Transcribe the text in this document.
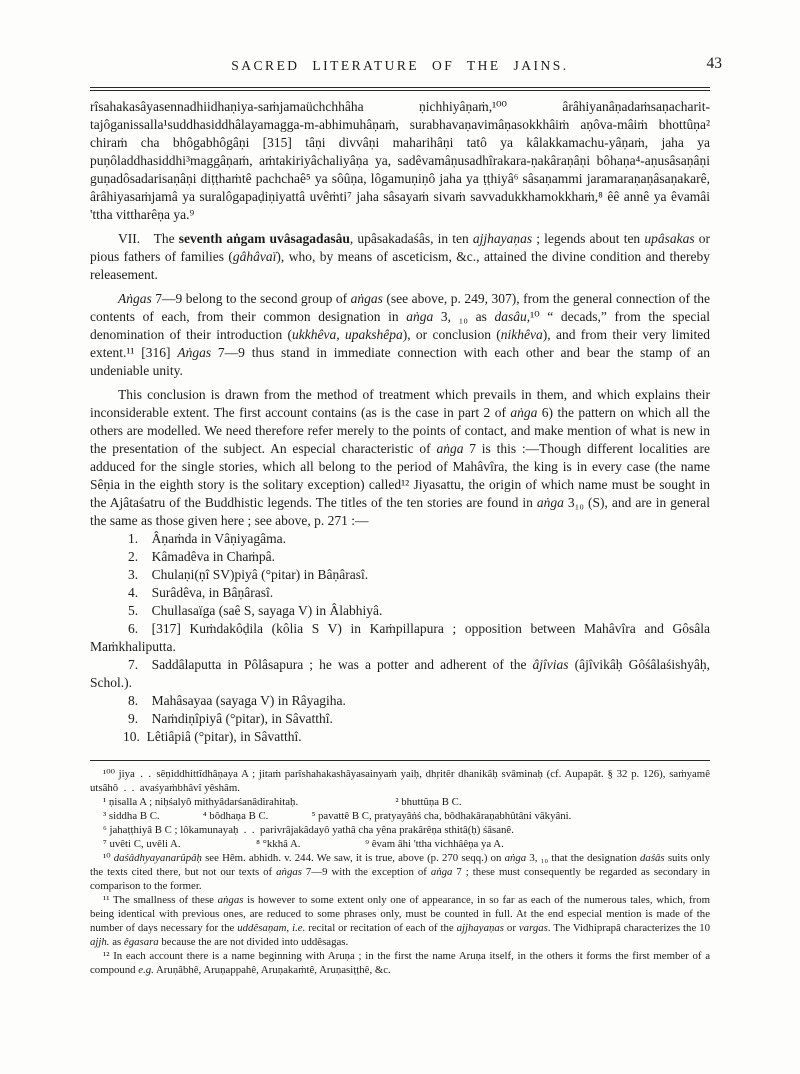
SACRED LITERATURE OF THE JAINS.	43

rîsahakasâyasennadhiidhaṇiya-saṁjamaüchchhâha ṇichhiyâṇaṁ,¹⁰⁰ ârâhiyanâṇadaṁsaṇacharit-tajôganissalla¹suddhasiddhâlayamagga-m-abhimuhâṇaṁ, surabhavaṇavimâṇasokkhâiṁ aṇôva-mâiṁ bhottûṇa² chiraṁ cha bhôgabhôgâṇi [315] tâṇi divvâṇi maharihâṇi tatô ya kâlakkamachu-yâṇaṁ, jaha ya puṇôladdhasiddhi³maggâṇaṁ, aṁtakiriyâchaliyâṇa ya, sadêvamâṇusadhîrakara-ṇakâraṇâṇi bôhaṇa⁴-aṇusâsaṇâṇi guṇadôsadarisaṇâṇi diṭṭhaṁtê pachchaê⁵ ya sôûṇa, lôgamuṇiṇô jaha ya ṭṭhiyâ⁶ sâsaṇammi jaramaraṇaṇâsaṇakarê, ârâhiyasaṁjamâ ya suralôgapaḍiṇiyattâ uvêṁti⁷ jaha sâsayaṁ sivaṁ savvadukkhamokkhaṁ,⁸ êê annê ya êvamâi 'ttha vittharêṇa ya.⁹

VII. The seventh aṅgam uvâsagadasâu, upâsakadaśâs, in ten ajjhayaṇas ; legends about ten upâsakas or pious fathers of families (gâhâvaï), who, by means of asceticism, &c., attained the divine condition and thereby releasement.

Aṅgas 7—9 belong to the second group of aṅgas (see above, p. 249, 307), from the general connection of the contents of each, from their common designation in aṅga 3, ₁₀ as dasâu,¹⁰ “ decads,” from the special denomination of their introduction (ukkhêva, upakshêpa), or conclusion (nikhêva), and from their very limited extent.¹¹ [316] Aṅgas 7—9 thus stand in immediate connection with each other and bear the stamp of an undeniable unity.

This conclusion is drawn from the method of treatment which prevails in them, and which explains their inconsiderable extent. The first account contains (as is the case in part 2 of aṅga 6) the pattern on which all the others are modelled. We need therefore refer merely to the points of contact, and make mention of what is new in the presentation of the subject. An especial characteristic of aṅga 7 is this :—Though different localities are adduced for the single stories, which all belong to the period of Mahâvîra, the king is in every case (the name Sêṇia in the eighth story is the solitary exception) called¹² Jiyasattu, the origin of which name must be sought in the Ajâtaśatru of the Buddhistic legends. The titles of the ten stories are found in aṅga 3₁₀ (S), and are in general the same as those given here ; see above, p. 271 :—

1.  Âṇaṁda in Vâṇiyagâma.

2.  Kâmadêva in Chaṁpâ.

3.  Chulaṇi(ṇî SV)piyâ (°pitar) in Bâṇârasî.

4.  Surâdêva, in Bâṇârasî.

5.  Chullasaïga (saê S, sayaga V) in Âlabhiyâ.

6.  [317] Kuṁdakôḍila (kôlia S V) in Kaṁpillapura ; opposition between Mahâvîra and Gôsâla Maṁkhaliputta.

7.  Saddâlaputta in Pôlâsapura ; he was a potter and adherent of the âjîvias (âjîvikâḥ Gôśâlaśishyâḥ, Schol.).

8.  Mahâsayaa (sayaga V) in Râyagiha.

9.  Naṁdiṇîpiyâ (°pitar), in Sâvatthî.

10. Lêtiâpiâ (°pitar), in Sâvatthî.

¹⁰⁰ jiya . . sêṇiddhittîdhâṇaya A ; jitaṁ parîshahakashâyasainyaṁ yaiḥ, dhṛitêr dhanikâḥ svâminaḥ (cf. Aupapât. § 32 p. 126), saṁyamê utsâhô . . avaśyaṁbhâvî yêshâm.

¹ ṇisalla A ; niḥśalyô mithyâdarśanâdirahitaḥ.         ² bhuttûṇa B C.

³ siddha B C.    ⁴ bôdhaṇa B C.    ⁵ pavattê B C, pratyayâṅś cha, bôdhakâraṇabhûtâni vâkyâni.

⁶ jahaṭṭhiyâ B C ; lôkamunayaḥ . . parivrâjakâdayô yathâ cha yêna prakârêṇa sthitâ(ḥ) śâsanê.

⁷ uvêti C, uvêli A.       ⁸ °kkhâ A.      ⁹ êvam âhi 'ttha vichhâêṇa ya A.

¹⁰ daśâdhyayanarûpâḥ see Hêm. abhidh. v. 244. We saw, it is true, above (p. 270 seqq.) on aṅga 3, ₁₀ that the designation daśâs suits only the texts cited there, but not our texts of aṅgas 7—9 with the exception of aṅga 7 ; these must consequently be regarded as secondary in comparison to the former.

¹¹ The smallness of these aṅgas is however to some extent only one of appearance, in so far as each of the numerous tales, which, from being identical with previous ones, are reduced to some phrases only, must be counted in full. At the end especial mention is made of the number of days necessary for the uddêsaṇam, i.e. recital or recitation of each of the ajjhayaṇas or vargas. The Vidhiprapâ characterizes the 10 ajjh. as êgasara because the are not divided into uddêsagas.

¹² In each account there is a name beginning with Aruṇa ; in the first the name Aruṇa itself, in the others it forms the first member of a compound e.g. Aruṇâbhê, Aruṇappahê, Aruṇakaṁtê, Aruṇasiṭṭhê, &c.
